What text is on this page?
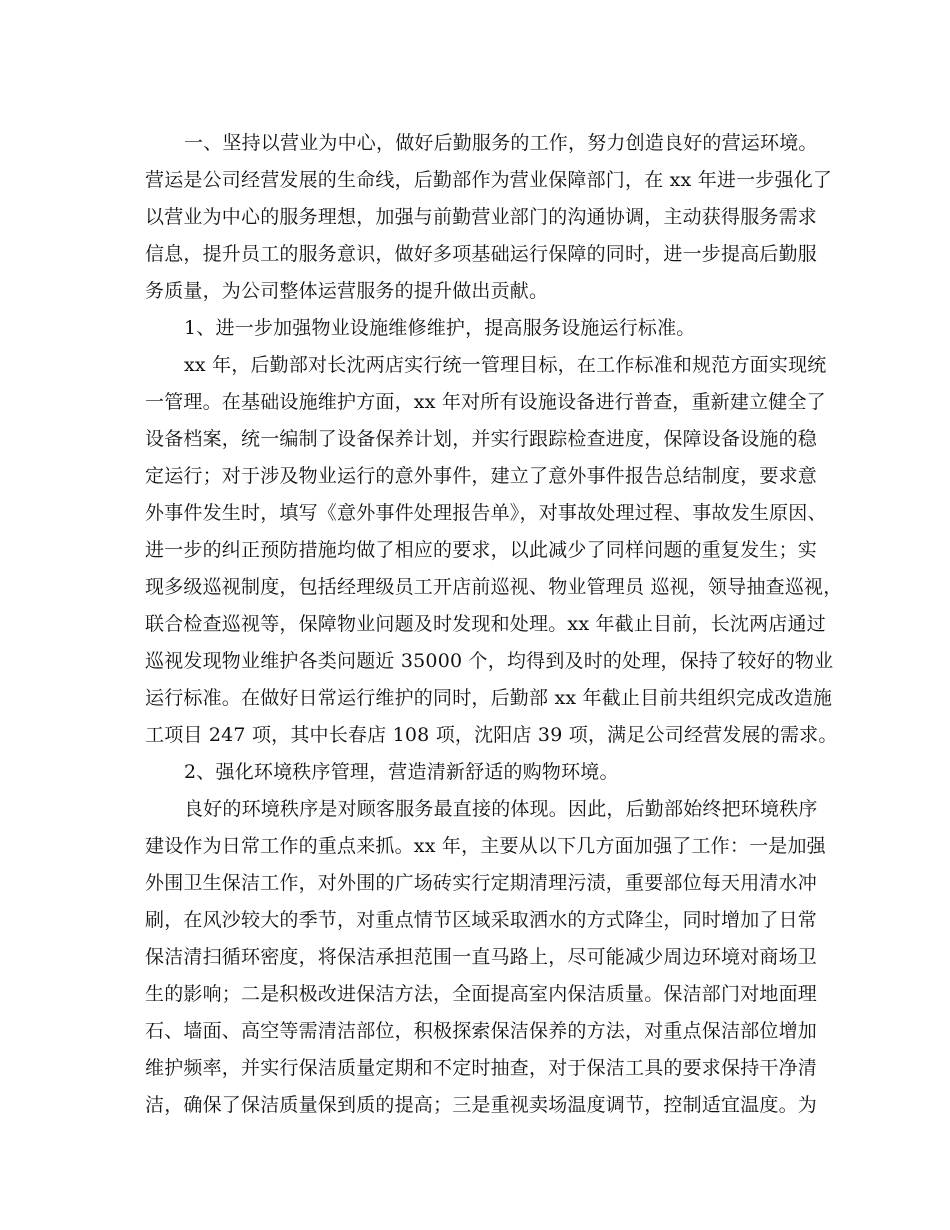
一、坚持以营业为中心，做好后勤服务的工作，努力创造良好的营运环境。
营运是公司经营发展的生命线，后勤部作为营业保障部门，在 xx 年进一步强化了
以营业为中心的服务理想，加强与前勤营业部门的沟通协调，主动获得服务需求
信息，提升员工的服务意识，做好多项基础运行保障的同时，进一步提高后勤服
务质量，为公司整体运营服务的提升做出贡献。
1、进一步加强物业设施维修维护，提高服务设施运行标准。
xx 年，后勤部对长沈两店实行统一管理目标，在工作标准和规范方面实现统
一管理。在基础设施维护方面，xx 年对所有设施设备进行普查，重新建立健全了
设备档案，统一编制了设备保养计划，并实行跟踪检查进度，保障设备设施的稳
定运行；对于涉及物业运行的意外事件，建立了意外事件报告总结制度，要求意
外事件发生时，填写《意外事件处理报告单》，对事故处理过程、事故发生原因、
进一步的纠正预防措施均做了相应的要求，以此减少了同样问题的重复发生；实
现多级巡视制度，包括经理级员工开店前巡视、物业管理员 巡视，领导抽查巡视，
联合检查巡视等，保障物业问题及时发现和处理。xx 年截止目前，长沈两店通过
巡视发现物业维护各类问题近 35000 个，均得到及时的处理，保持了较好的物业
运行标准。在做好日常运行维护的同时，后勤部 xx 年截止目前共组织完成改造施
工项目 247 项，其中长春店 108 项，沈阳店 39 项，满足公司经营发展的需求。
2、强化环境秩序管理，营造清新舒适的购物环境。
良好的环境秩序是对顾客服务最直接的体现。因此，后勤部始终把环境秩序
建设作为日常工作的重点来抓。xx 年，主要从以下几方面加强了工作：一是加强
外围卫生保洁工作，对外围的广场砖实行定期清理污渍，重要部位每天用清水冲
刷，在风沙较大的季节，对重点情节区域采取洒水的方式降尘，同时增加了日常
保洁清扫循环密度，将保洁承担范围一直马路上，尽可能减少周边环境对商场卫
生的影响；二是积极改进保洁方法，全面提高室内保洁质量。保洁部门对地面理
石、墙面、高空等需清洁部位，积极探索保洁保养的方法，对重点保洁部位增加
维护频率，并实行保洁质量定期和不定时抽查，对于保洁工具的要求保持干净清
洁，确保了保洁质量保到质的提高；三是重视卖场温度调节，控制适宜温度。为
